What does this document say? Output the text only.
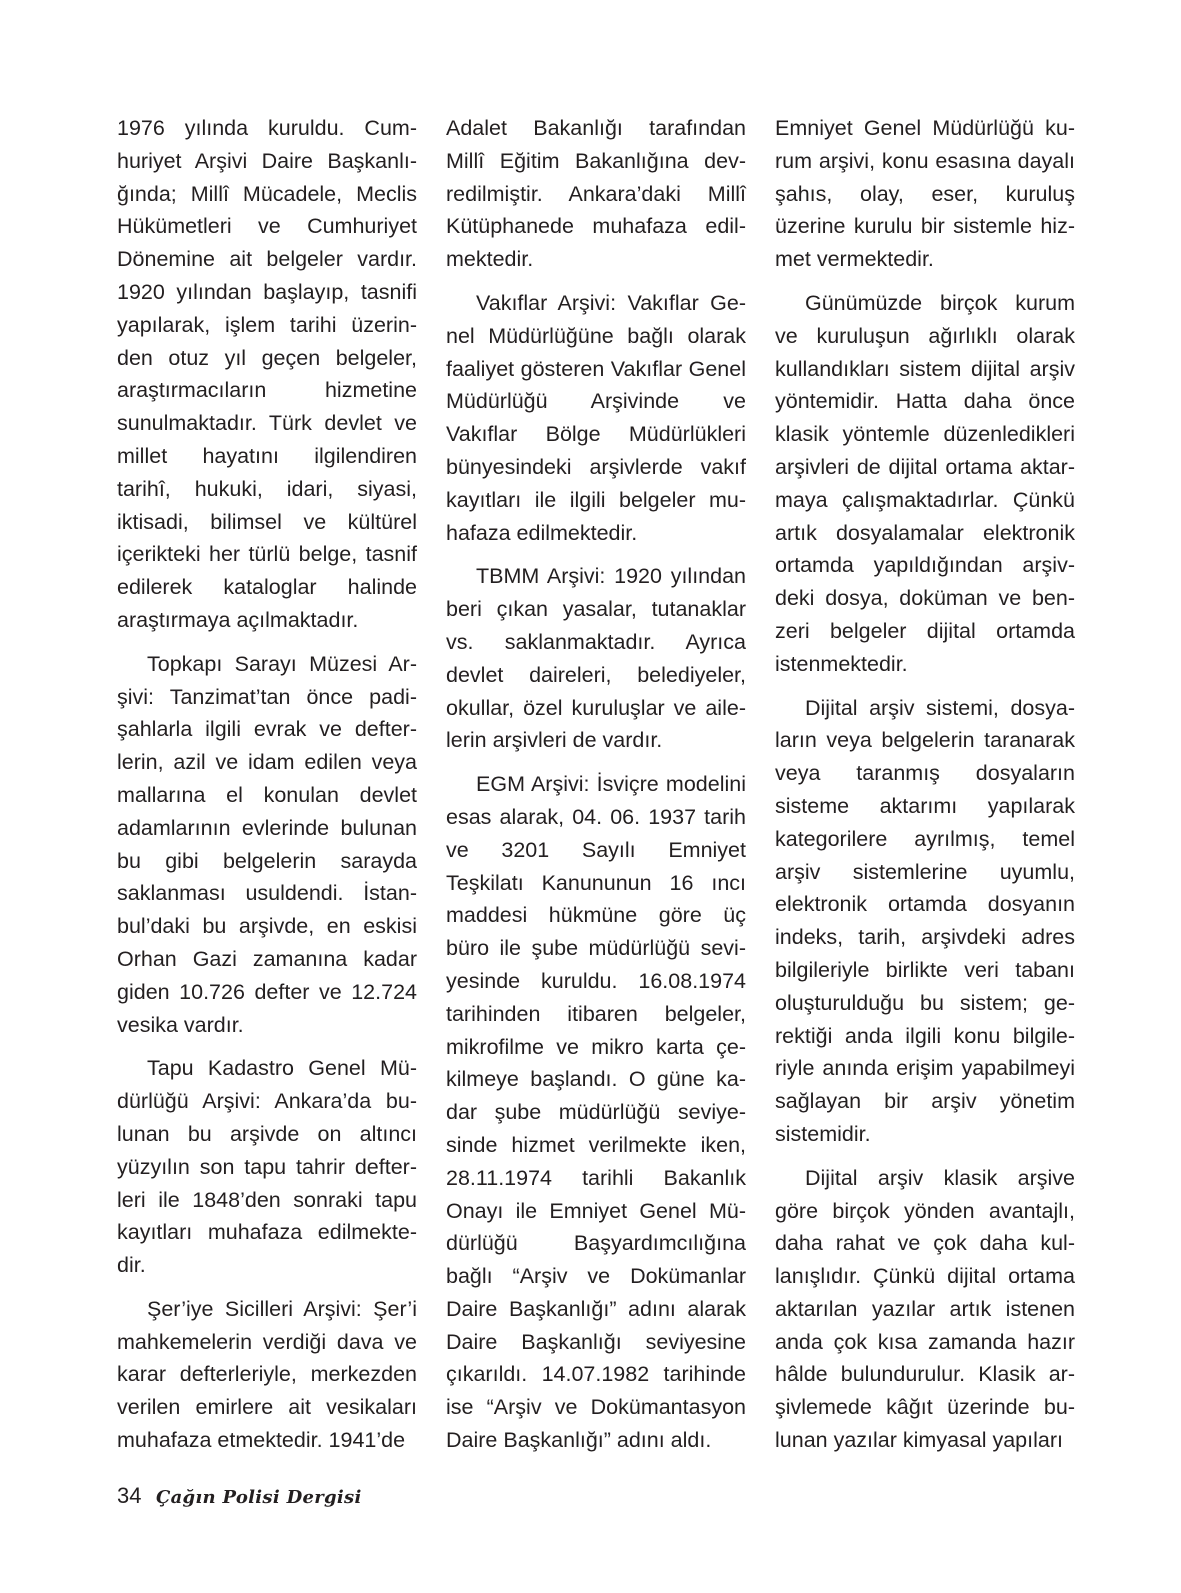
1976 yılında kuruldu. Cumhuriyet Arşivi Daire Başkanlığında; Millî Mücadele, Meclis Hükümetleri ve Cumhuriyet Dönemine ait belgeler vardır. 1920 yılından başlayıp, tasnifi yapılarak, işlem tarihi üzerinden otuz yıl geçen belgeler, araştırmacıların hizmetine sunulmaktadır. Türk devlet ve millet hayatını ilgilendiren tarihî, hukuki, idari, siyasi, iktisadi, bilimsel ve kültürel içerikteki her türlü belge, tasnif edilerek kataloglar halinde araştırmaya açılmaktadır.

Topkapı Sarayı Müzesi Arşivi: Tanzimat’tan önce padişahlarla ilgili evrak ve defterlerin, azil ve idam edilen veya mallarına el konulan devlet adamlarının evlerinde bulunan bu gibi belgelerin sarayda saklanması usuldendi. İstanbul’daki bu arşivde, en eskisi Orhan Gazi zamanına kadar giden 10.726 defter ve 12.724 vesika vardır.

Tapu Kadastro Genel Müdürlüğü Arşivi: Ankara’da bulunan bu arşivde on altıncı yüzyılın son tapu tahrir defterleri ile 1848’den sonraki tapu kayıtları muhafaza edilmektedir.

Şer’iye Sicilleri Arşivi: Şer’i mahkemelerin verdiği dava ve karar defterleriyle, merkezden verilen emirlere ait vesikaları muhafaza etmektedir. 1941’de

Adalet Bakanlığı tarafından Millî Eğitim Bakanlığına devredilmiştir. Ankara’daki Millî Kütüphanede muhafaza edilmektedir.

Vakıflar Arşivi: Vakıflar Genel Müdürlüğüne bağlı olarak faaliyet gösteren Vakıflar Genel Müdürlüğü Arşivinde ve Vakıflar Bölge Müdürlükleri bünyesindeki arşivlerde vakıf kayıtları ile ilgili belgeler muhafaza edilmektedir.

TBMM Arşivi: 1920 yılından beri çıkan yasalar, tutanaklar vs. saklanmaktadır. Ayrıca devlet daireleri, belediyeler, okullar, özel kuruluşlar ve ailelerin arşivleri de vardır.

EGM Arşivi: İsviçre modelini esas alarak, 04. 06. 1937 tarih ve 3201 Sayılı Emniyet Teşkilatı Kanununun 16 ıncı maddesi hükmüne göre üç büro ile şube müdürlüğü seviyesinde kuruldu. 16.08.1974 tarihinden itibaren belgeler, mikrofilme ve mikro karta çekilmeye başlandı. O güne kadar şube müdürlüğü seviyesinde hizmet verilmekte iken, 28.11.1974 tarihli Bakanlık Onayı ile Emniyet Genel Müdürlüğü Başyardımcılığına bağlı “Arşiv ve Dokümanlar Daire Başkanlığı” adını alarak Daire Başkanlığı seviyesine çıkarıldı. 14.07.1982 tarihinde ise “Arşiv ve Dokümantasyon Daire Başkanlığı” adını aldı.

Emniyet Genel Müdürlüğü kurum arşivi, konu esasına dayalı şahıs, olay, eser, kuruluş üzerine kurulu bir sistemle hizmet vermektedir.

Günümüzde birçok kurum ve kuruluşun ağırlıklı olarak kullandıkları sistem dijital arşiv yöntemidir. Hatta daha önce klasik yöntemle düzenledikleri arşivleri de dijital ortama aktarmaya çalışmaktadırlar. Çünkü artık dosyalamalar elektronik ortamda yapıldığından arşivdeki dosya, doküman ve benzeri belgeler dijital ortamda istenmektedir.

Dijital arşiv sistemi, dosyaların veya belgelerin taranarak veya taranmış dosyaların sisteme aktarımı yapılarak kategorilere ayrılmış, temel arşiv sistemlerine uyumlu, elektronik ortamda dosyanın indeks, tarih, arşivdeki adres bilgileriyle birlikte veri tabanı oluşturulduğu bu sistem; gerektiği anda ilgili konu bilgileriyle anında erişim yapabilmeyi sağlayan bir arşiv yönetim sistemidir.

Dijital arşiv klasik arşive göre birçok yönden avantajlı, daha rahat ve çok daha kullanışlıdır. Çünkü dijital ortama aktarılan yazılar artık istenen anda çok kısa zamanda hazır hâlde bulundurulur. Klasik arşivlemede kâğıt üzerinde bulunan yazılar kimyasal yapıları

34 Çağın Polisi Dergisi
